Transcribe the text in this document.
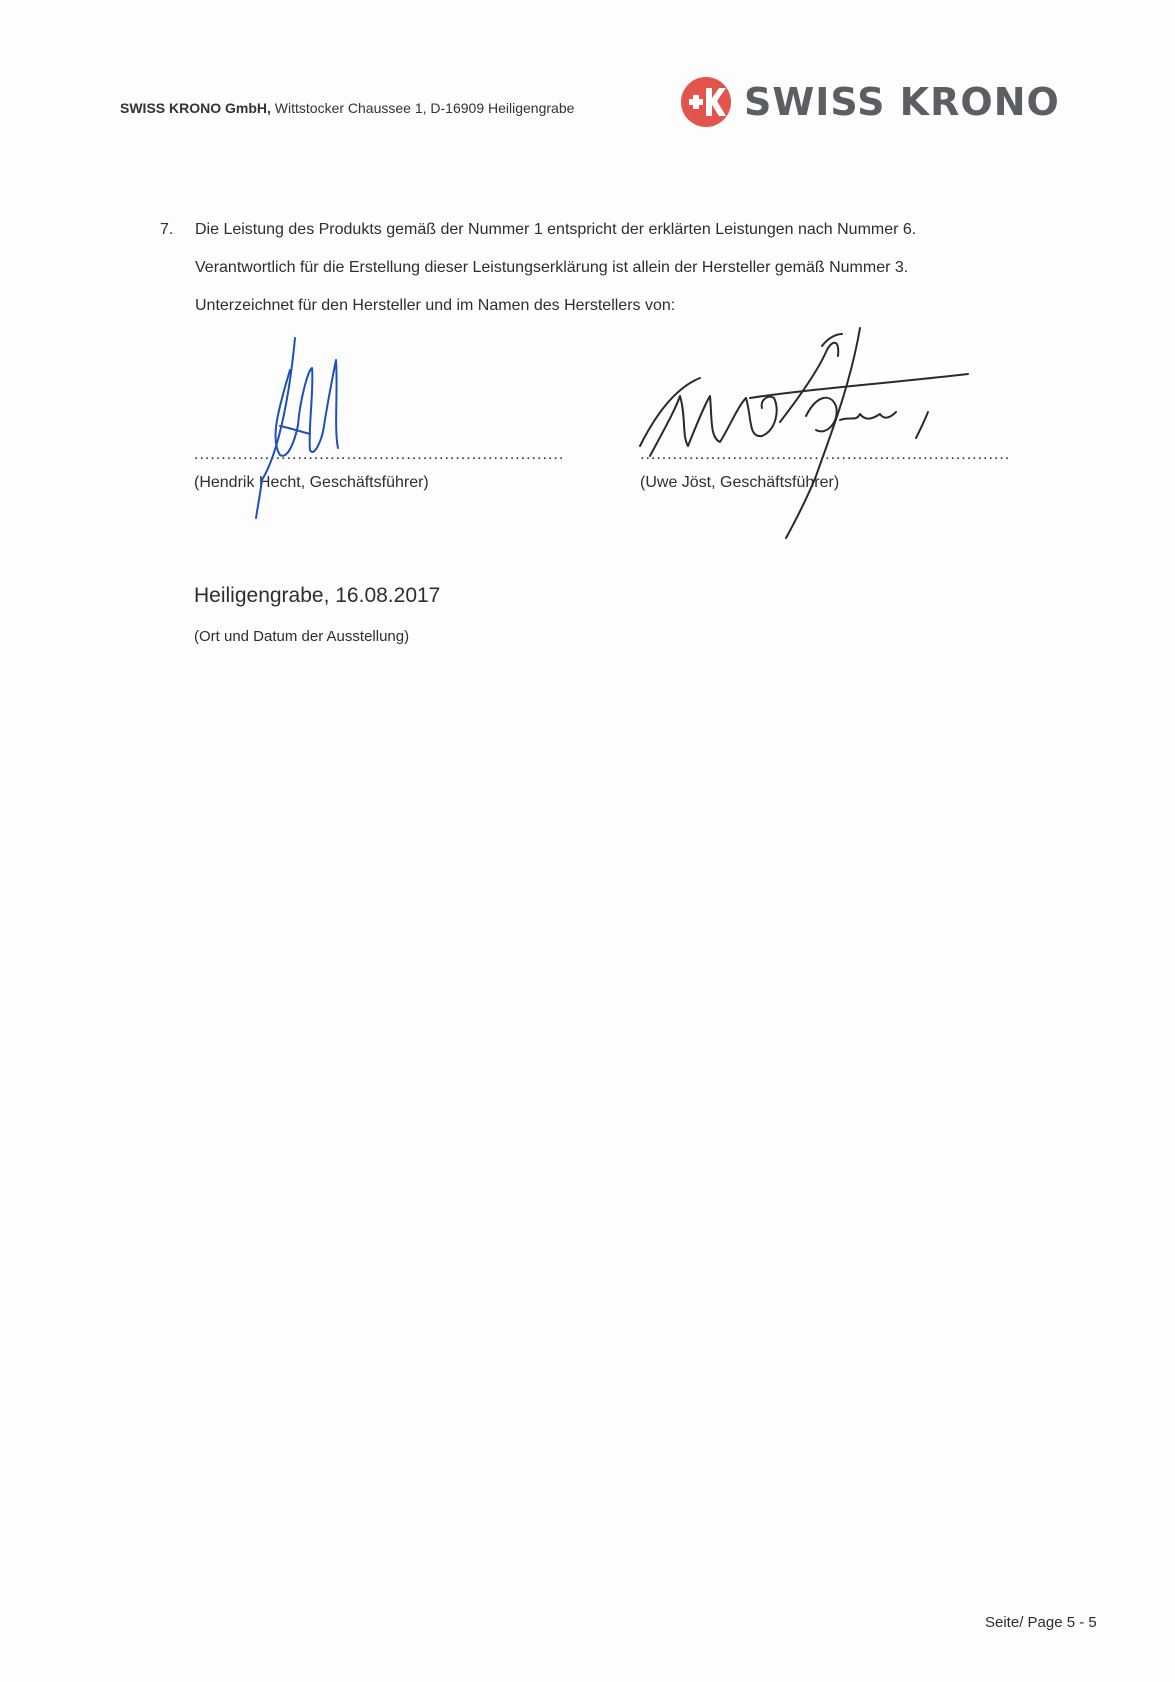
SWISS KRONO GmbH, Wittstocker Chaussee 1, D-16909 Heiligengrabe	SWISS KRONO
7. Die Leistung des Produkts gemäß der Nummer 1 entspricht der erklärten Leistungen nach Nummer 6.
Verantwortlich für die Erstellung dieser Leistungserklärung ist allein der Hersteller gemäß Nummer 3.
Unterzeichnet für den Hersteller und im Namen des Herstellers von:
....................................................................
(Hendrik Hecht, Geschäftsführer)
....................................................................
(Uwe Jöst, Geschäftsführer)
Heiligengrabe, 16.08.2017
(Ort und Datum der Ausstellung)
Seite/ Page 5 - 5
